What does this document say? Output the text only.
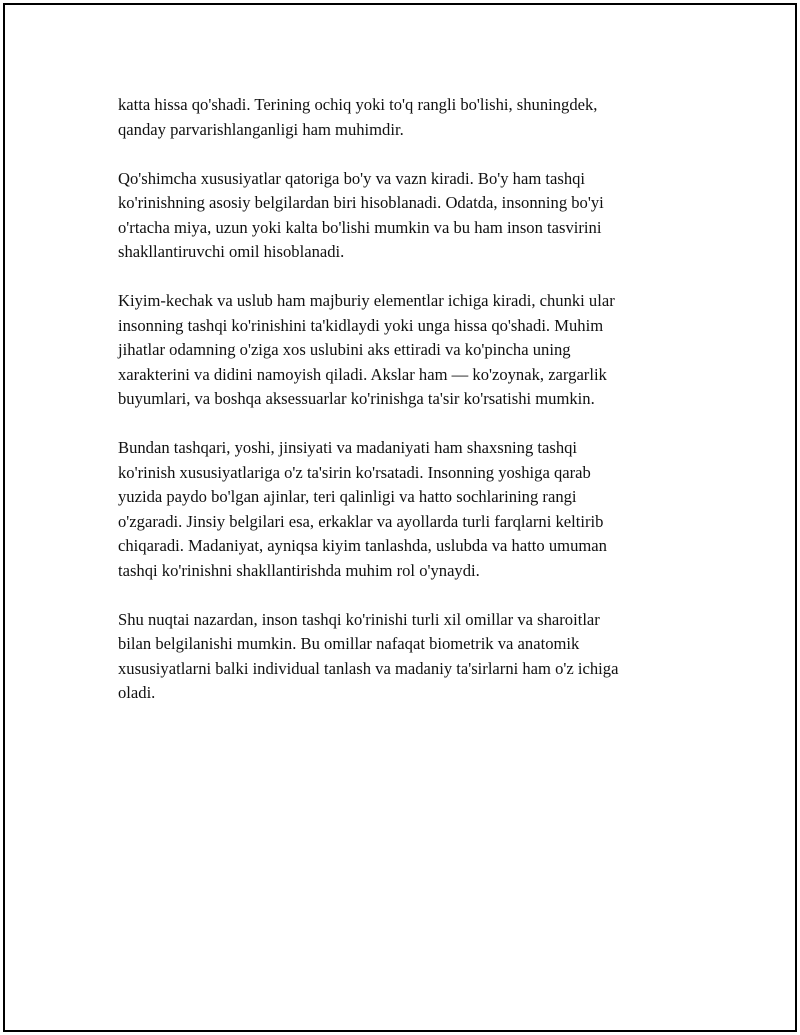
katta hissa qo'shadi. Terining ochiq yoki to'q rangli bo'lishi, shuningdek,
qanday parvarishlanganligi ham muhimdir.

Qo'shimcha xususiyatlar qatoriga bo'y va vazn kiradi. Bo'y ham tashqi
ko'rinishning asosiy belgilardan biri hisoblanadi. Odatda, insonning bo'yi
o'rtacha miya, uzun yoki kalta bo'lishi mumkin va bu ham inson tasvirini
shakllantiruvchi omil hisoblanadi.

Kiyim-kechak va uslub ham majburiy elementlar ichiga kiradi, chunki ular
insonning tashqi ko'rinishini ta'kidlaydi yoki unga hissa qo'shadi. Muhim
jihatlar odamning o'ziga xos uslubini aks ettiradi va ko'pincha uning
xarakterini va didini namoyish qiladi. Akslar ham — ko'zoynak, zargarlik
buyumlari, va boshqa aksessuarlar ko'rinishga ta'sir ko'rsatishi mumkin.

Bundan tashqari, yoshi, jinsiyati va madaniyati ham shaxsning tashqi
ko'rinish xususiyatlariga o'z ta'sirin ko'rsatadi. Insonning yoshiga qarab
yuzida paydo bo'lgan ajinlar, teri qalinligi va hatto sochlarining rangi
o'zgaradi. Jinsiy belgilari esa, erkaklar va ayollarda turli farqlarni keltirib
chiqaradi. Madaniyat, ayniqsa kiyim tanlashda, uslubda va hatto umuman
tashqi ko'rinishni shakllantirishda muhim rol o'ynaydi.

Shu nuqtai nazardan, inson tashqi ko'rinishi turli xil omillar va sharoitlar
bilan belgilanishi mumkin. Bu omillar nafaqat biometrik va anatomik
xususiyatlarni balki individual tanlash va madaniy ta'sirlarni ham o'z ichiga
oladi.
